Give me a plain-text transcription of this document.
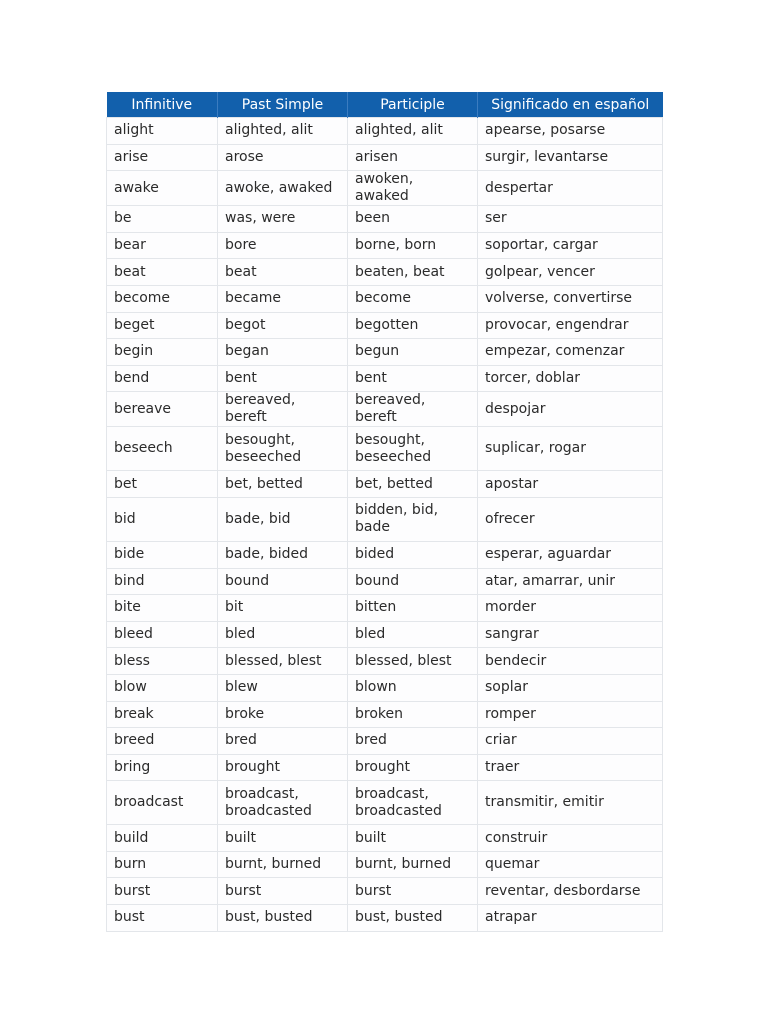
Infinitive	Past Simple	Participle	Significado en español
alight	alighted, alit	alighted, alit	apearse, posarse
arise	arose	arisen	surgir, levantarse
awake	awoke, awaked	awoken, awaked	despertar
be	was, were	been	ser
bear	bore	borne, born	soportar, cargar
beat	beat	beaten, beat	golpear, vencer
become	became	become	volverse, convertirse
beget	begot	begotten	provocar, engendrar
begin	began	begun	empezar, comenzar
bend	bent	bent	torcer, doblar
bereave	bereaved, bereft	bereaved, bereft	despojar
beseech	besought, beseeched	besought, beseeched	suplicar, rogar
bet	bet, betted	bet, betted	apostar
bid	bade, bid	bidden, bid, bade	ofrecer
bide	bade, bided	bided	esperar, aguardar
bind	bound	bound	atar, amarrar, unir
bite	bit	bitten	morder
bleed	bled	bled	sangrar
bless	blessed, blest	blessed, blest	bendecir
blow	blew	blown	soplar
break	broke	broken	romper
breed	bred	bred	criar
bring	brought	brought	traer
broadcast	broadcast, broadcasted	broadcast, broadcasted	transmitir, emitir
build	built	built	construir
burn	burnt, burned	burnt, burned	quemar
burst	burst	burst	reventar, desbordarse
bust	bust, busted	bust, busted	atrapar
